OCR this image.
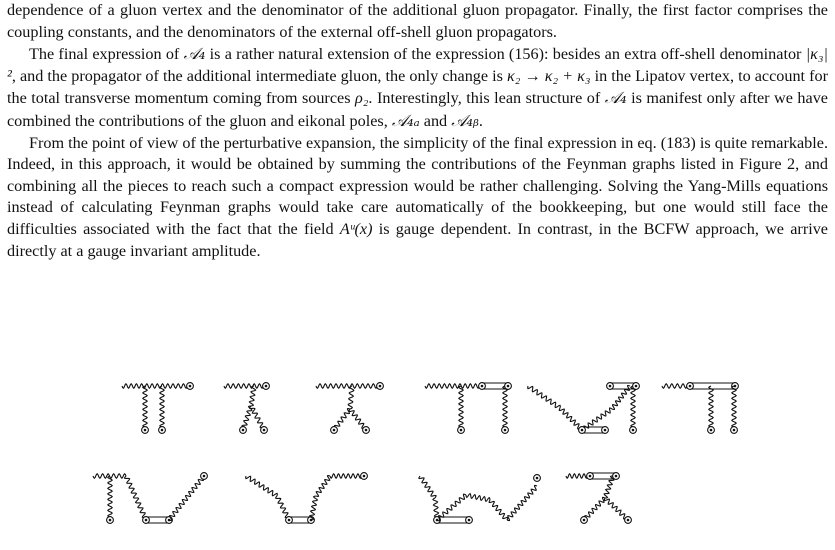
dependence of a gluon vertex and the denominator of the additional gluon propagator. Finally, the first factor comprises the coupling constants, and the denominators of the external off-shell gluon propagators.

The final expression of 𝒜₄ is a rather natural extension of the expression (156): besides an extra off-shell denominator |κ₃|², and the propagator of the additional intermediate gluon, the only change is κ₂ → κ₂ + κ₃ in the Lipatov vertex, to account for the total transverse momentum coming from sources ρ₂. Interestingly, this lean structure of 𝒜₄ is manifest only after we have combined the contributions of the gluon and eikonal poles, 𝒜₄ₐ and 𝒜₄ᵦ.

From the point of view of the perturbative expansion, the simplicity of the final expression in eq. (183) is quite remarkable. Indeed, in this approach, it would be obtained by summing the contributions of the Feynman graphs listed in Figure 2, and combining all the pieces to reach such a compact expression would be rather challenging. Solving the Yang-Mills equations instead of calculating Feynman graphs would take care automatically of the bookkeeping, but one would still face the difficulties associated with the fact that the field Aᵘ(x) is gauge dependent. In contrast, in the BCFW approach, we arrive directly at a gauge invariant amplitude.
